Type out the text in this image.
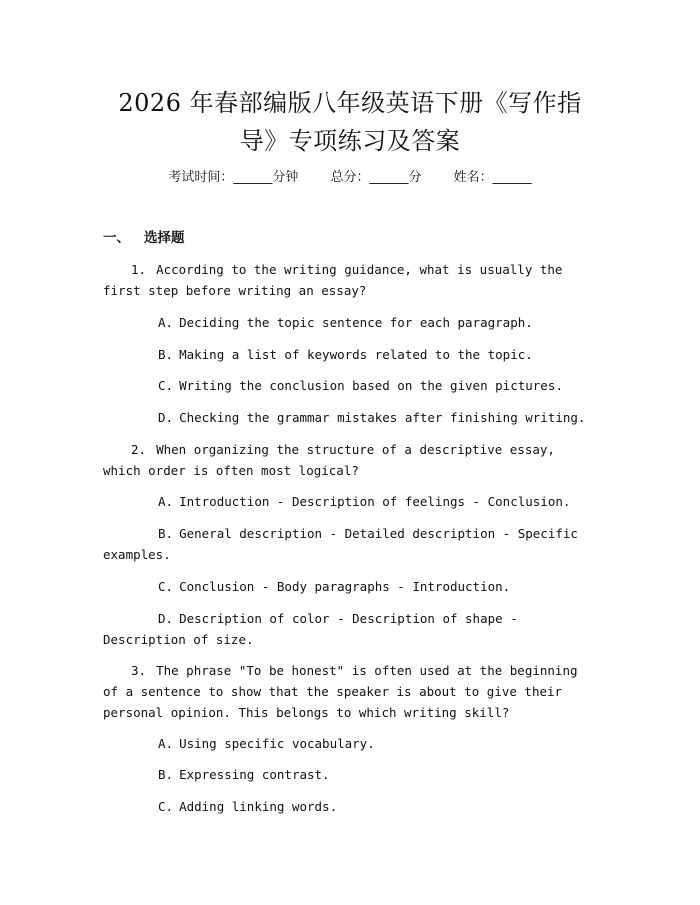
2026 年春部编版八年级英语下册《写作指
导》专项练习及答案
考试时间：______分钟 总分：______分 姓名：______
一、 选择题

1. According to the writing guidance, what is usually the first step before writing an essay?

A. Deciding the topic sentence for each paragraph.

B. Making a list of keywords related to the topic.

C. Writing the conclusion based on the given pictures.

D. Checking the grammar mistakes after finishing writing.

2. When organizing the structure of a descriptive essay, which order is often most logical?

A. Introduction - Description of feelings - Conclusion.

B. General description - Detailed description - Specific examples.

C. Conclusion - Body paragraphs - Introduction.

D. Description of color - Description of shape - Description of size.

3. The phrase "To be honest" is often used at the beginning of a sentence to show that the speaker is about to give their personal opinion. This belongs to which writing skill?

A. Using specific vocabulary.

B. Expressing contrast.

C. Adding linking words.
